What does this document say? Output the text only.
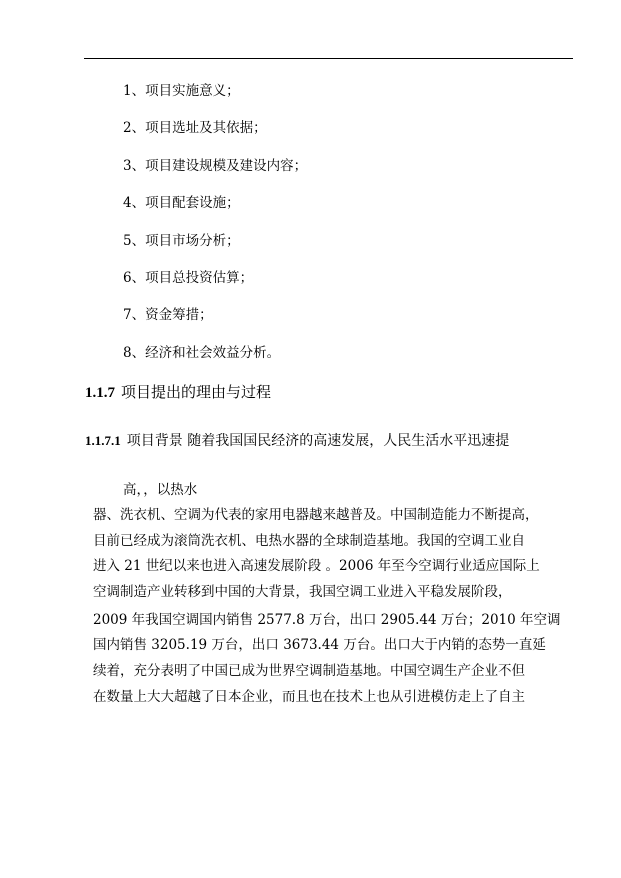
1、项目实施意义；
2、项目选址及其依据；
3、项目建设规模及建设内容；
4、项目配套设施；
5、项目市场分析；
6、项目总投资估算；
7、资金筹措；
8、经济和社会效益分析。
1.1.7 项目提出的理由与过程
1.1.7.1 项目背景 随着我国国民经济的高速发展，人民生活水平迅速提
高，，以热水
器、洗衣机、空调为代表的家用电器越来越普及。中国制造能力不断提高，
目前已经成为滚筒洗衣机、电热水器的全球制造基地。我国的空调工业自
进入 21 世纪以来也进入高速发展阶段 。2006 年至今空调行业适应国际上
空调制造产业转移到中国的大背景，我国空调工业进入平稳发展阶段，
2009 年我国空调国内销售 2577.8 万台，出口 2905.44 万台；2010 年空调
国内销售 3205.19 万台，出口 3673.44 万台。出口大于内销的态势一直延
续着，充分表明了中国已成为世界空调制造基地。中国空调生产企业不但
在数量上大大超越了日本企业，而且也在技术上也从引进模仿走上了自主
